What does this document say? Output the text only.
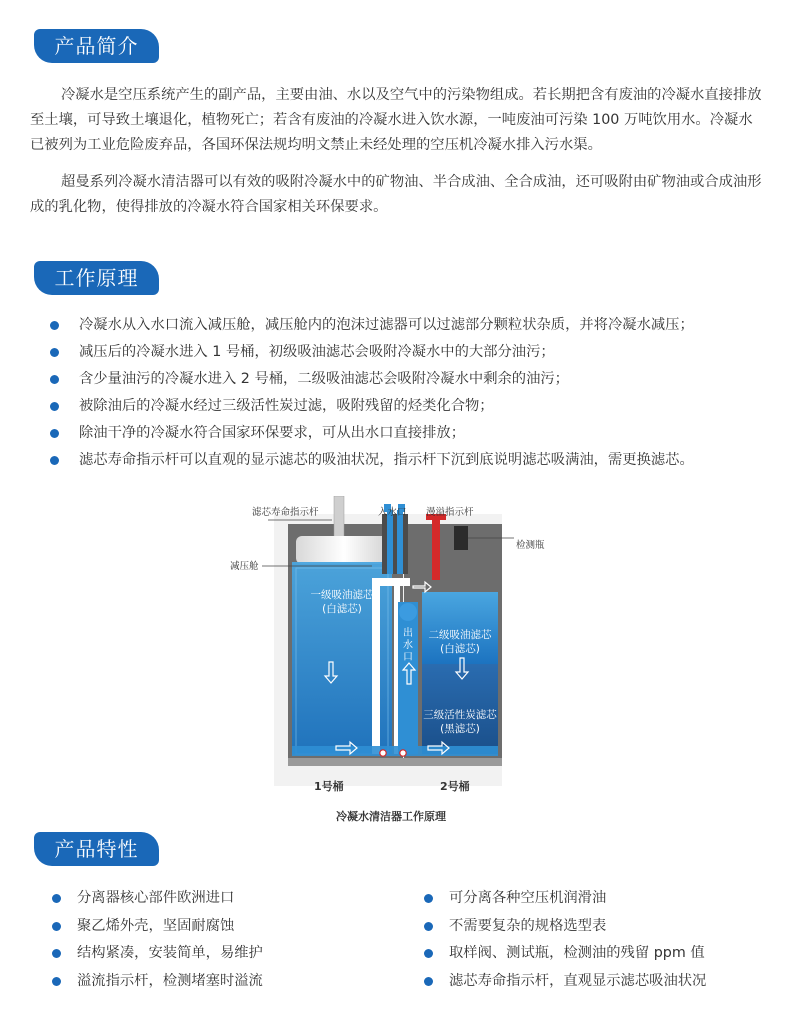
产品简介

冷凝水是空压系统产生的副产品，主要由油、水以及空气中的污染物组成。若长期把含有废油的冷凝水直接排放至土壤，可导致土壤退化，植物死亡；若含有废油的冷凝水进入饮水源，一吨废油可污染 100 万吨饮用水。冷凝水已被列为工业危险废弃品，各国环保法规均明文禁止未经处理的空压机冷凝水排入污水渠。

超曼系列冷凝水清洁器可以有效的吸附冷凝水中的矿物油、半合成油、全合成油，还可吸附由矿物油或合成油形成的乳化物，使得排放的冷凝水符合国家相关环保要求。

工作原理
冷凝水从入水口流入减压舱，减压舱内的泡沫过滤器可以过滤部分颗粒状杂质，并将冷凝水减压；
减压后的冷凝水进入 1 号桶，初级吸油滤芯会吸附冷凝水中的大部分油污；
含少量油污的冷凝水进入 2 号桶，二级吸油滤芯会吸附冷凝水中剩余的油污；
被除油后的冷凝水经过三级活性炭过滤，吸附残留的烃类化合物；
除油干净的冷凝水符合国家环保要求，可从出水口直接排放；
滤芯寿命指示杆可以直观的显示滤芯的吸油状况，指示杆下沉到底说明滤芯吸满油，需更换滤芯。
滤芯寿命指示杆	入水口 漫溢指示杆
检测瓶
减压舱
一级吸油滤芯
(白滤芯)
出
水
口
二级吸油滤芯
(白滤芯)
三级活性炭滤芯
(黑滤芯)
1号桶	2号桶
冷凝水清洁器工作原理
产品特性
分离器核心部件欧洲进口
聚乙烯外壳，坚固耐腐蚀
结构紧凑，安装简单，易维护
溢流指示杆，检测堵塞时溢流
可分离各种空压机润滑油
不需要复杂的规格选型表
取样阀、测试瓶，检测油的残留 ppm 值
滤芯寿命指示杆，直观显示滤芯吸油状况
